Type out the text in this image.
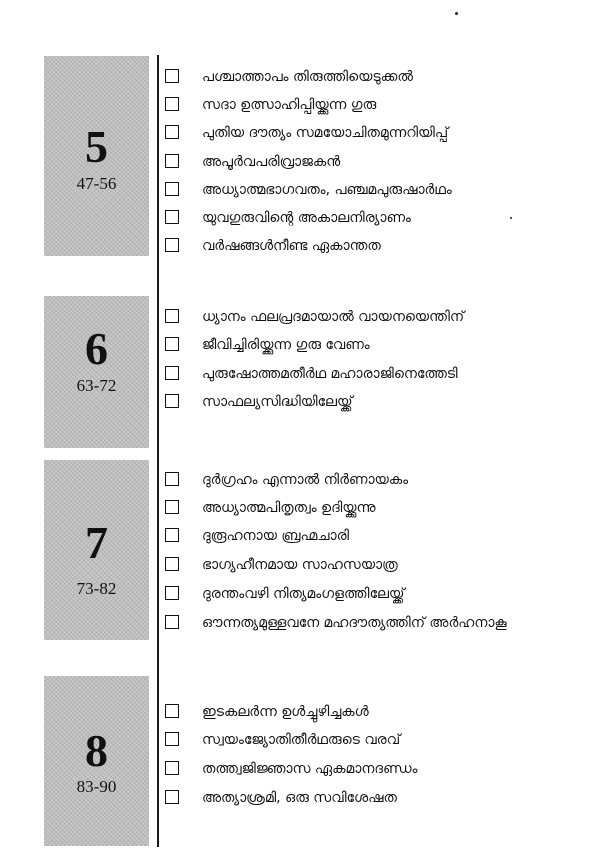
5
47-56
പശ്ചാത്താപം തിരുത്തിയെടുക്കൽ
സദാ ഉത്സാഹിപ്പിയ്ക്കുന്ന ഗുരു
പുതിയ ദൗത്യം സമയോചിതമുന്നറിയിപ്പ്
അപൂർവപരിവ്രാജകൻ
അധ്യാത്മഭാഗവതം, പഞ്ചമപുരുഷാർഥം
യുവഗുരുവിന്റെ അകാലനിര്യാണം
വർഷങ്ങൾനീണ്ട ഏകാന്തത
6
63-72
ധ്യാനം ഫലപ്രദമായാൽ വായനയെന്തിന്
ജീവിച്ചിരിയ്ക്കുന്ന ഗുരു വേണം
പുരുഷോത്തമതീർഥ മഹാരാജിനെത്തേടി
സാഫല്യസിദ്ധിയിലേയ്ക്ക്
7
73-82
ദുർഗ്രഹം എന്നാൽ നിർണായകം
അധ്യാത്മപിതൃത്വം ഉദിയ്ക്കുന്നു
ദുരൂഹനായ ബ്രഹ്മചാരി
ഭാഗ്യഹീനമായ സാഹസയാത്ര
ദുരന്തംവഴി നിത്യമംഗളത്തിലേയ്ക്ക്
ഔന്നത്യമുള്ളവനേ മഹദൗത്യത്തിന് അർഹനാകൂ
8
83-90
ഇടകലർന്ന ഉൾച്ചുഴിച്ചകൾ
സ്വയംജ്യോതിതീർഥരുടെ വരവ്
തത്ത്വജിജ്ഞാസ ഏകമാനദണ്ഡം
അത്യാശ്രമി, ഒരു സവിശേഷത
